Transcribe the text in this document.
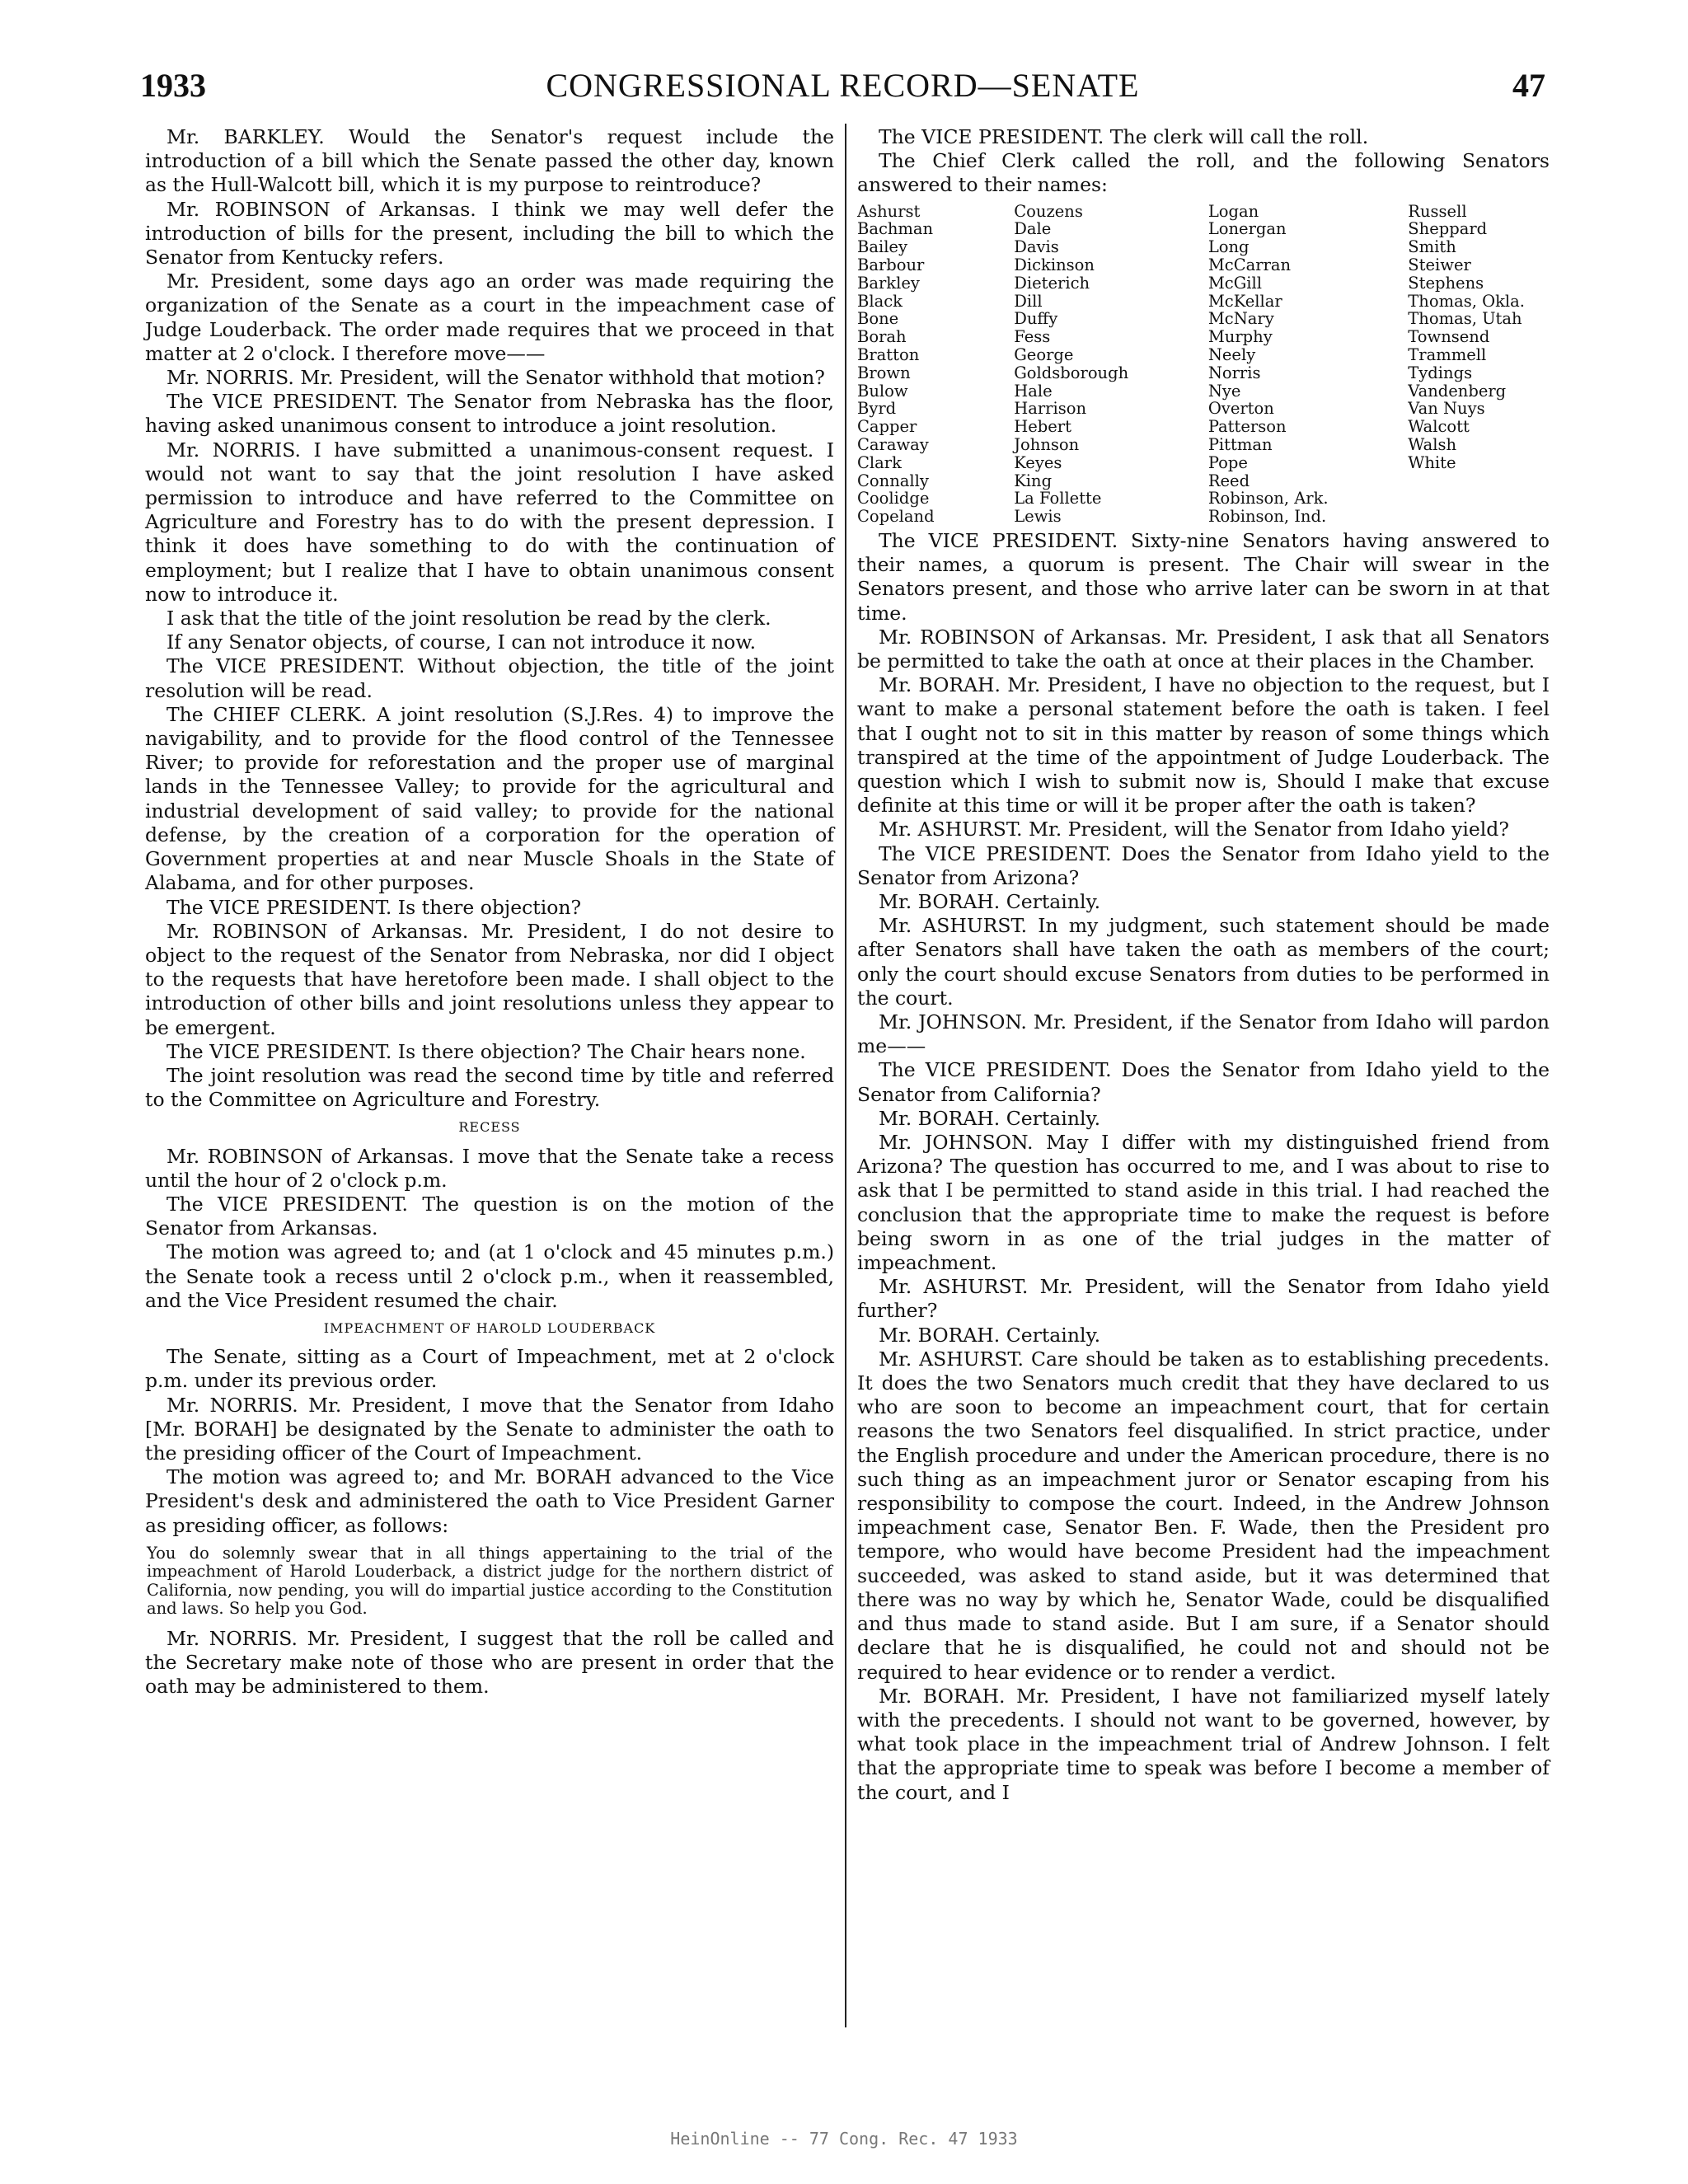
1933	CONGRESSIONAL RECORD—SENATE	47

Mr. BARKLEY. Would the Senator's request include the introduction of a bill which the Senate passed the other day, known as the Hull-Walcott bill, which it is my purpose to reintroduce?

Mr. ROBINSON of Arkansas. I think we may well defer the introduction of bills for the present, including the bill to which the Senator from Kentucky refers.

Mr. President, some days ago an order was made requiring the organization of the Senate as a court in the impeachment case of Judge Louderback. The order made requires that we proceed in that matter at 2 o'clock. I therefore move——

Mr. NORRIS. Mr. President, will the Senator withhold that motion?

The VICE PRESIDENT. The Senator from Nebraska has the floor, having asked unanimous consent to introduce a joint resolution.

Mr. NORRIS. I have submitted a unanimous-consent request. I would not want to say that the joint resolution I have asked permission to introduce and have referred to the Committee on Agriculture and Forestry has to do with the present depression. I think it does have something to do with the continuation of employment; but I realize that I have to obtain unanimous consent now to introduce it.

I ask that the title of the joint resolution be read by the clerk.

If any Senator objects, of course, I can not introduce it now.

The VICE PRESIDENT. Without objection, the title of the joint resolution will be read.

The CHIEF CLERK. A joint resolution (S.J.Res. 4) to improve the navigability, and to provide for the flood control of the Tennessee River; to provide for reforestation and the proper use of marginal lands in the Tennessee Valley; to provide for the agricultural and industrial development of said valley; to provide for the national defense, by the creation of a corporation for the operation of Government properties at and near Muscle Shoals in the State of Alabama, and for other purposes.

The VICE PRESIDENT. Is there objection?

Mr. ROBINSON of Arkansas. Mr. President, I do not desire to object to the request of the Senator from Nebraska, nor did I object to the requests that have heretofore been made. I shall object to the introduction of other bills and joint resolutions unless they appear to be emergent.

The VICE PRESIDENT. Is there objection? The Chair hears none.

The joint resolution was read the second time by title and referred to the Committee on Agriculture and Forestry.

RECESS

Mr. ROBINSON of Arkansas. I move that the Senate take a recess until the hour of 2 o'clock p.m.

The VICE PRESIDENT. The question is on the motion of the Senator from Arkansas.

The motion was agreed to; and (at 1 o'clock and 45 minutes p.m.) the Senate took a recess until 2 o'clock p.m., when it reassembled, and the Vice President resumed the chair.

IMPEACHMENT OF HAROLD LOUDERBACK

The Senate, sitting as a Court of Impeachment, met at 2 o'clock p.m. under its previous order.

Mr. NORRIS. Mr. President, I move that the Senator from Idaho [Mr. BORAH] be designated by the Senate to administer the oath to the presiding officer of the Court of Impeachment.

The motion was agreed to; and Mr. BORAH advanced to the Vice President's desk and administered the oath to Vice President Garner as presiding officer, as follows:

You do solemnly swear that in all things appertaining to the trial of the impeachment of Harold Louderback, a district judge for the northern district of California, now pending, you will do impartial justice according to the Constitution and laws. So help you God.

Mr. NORRIS. Mr. President, I suggest that the roll be called and the Secretary make note of those who are present in order that the oath may be administered to them.

The VICE PRESIDENT. The clerk will call the roll.

The Chief Clerk called the roll, and the following Senators answered to their names:

Ashurst
Bachman
Bailey
Barbour
Barkley
Black
Bone
Borah
Bratton
Brown
Bulow
Byrd
Capper
Caraway
Clark
Connally
Coolidge
Copeland
Couzens
Dale
Davis
Dickinson
Dieterich
Dill
Duffy
Fess
George
Goldsborough
Hale
Harrison
Hebert
Johnson
Keyes
King
La Follette
Lewis
Logan
Lonergan
Long
McCarran
McGill
McKellar
McNary
Murphy
Neely
Norris
Nye
Overton
Patterson
Pittman
Pope
Reed
Robinson, Ark.
Robinson, Ind.
Russell
Sheppard
Smith
Steiwer
Stephens
Thomas, Okla.
Thomas, Utah
Townsend
Trammell
Tydings
Vandenberg
Van Nuys
Walcott
Walsh
White

The VICE PRESIDENT. Sixty-nine Senators having answered to their names, a quorum is present. The Chair will swear in the Senators present, and those who arrive later can be sworn in at that time.

Mr. ROBINSON of Arkansas. Mr. President, I ask that all Senators be permitted to take the oath at once at their places in the Chamber.

Mr. BORAH. Mr. President, I have no objection to the request, but I want to make a personal statement before the oath is taken. I feel that I ought not to sit in this matter by reason of some things which transpired at the time of the appointment of Judge Louderback. The question which I wish to submit now is, Should I make that excuse definite at this time or will it be proper after the oath is taken?

Mr. ASHURST. Mr. President, will the Senator from Idaho yield?

The VICE PRESIDENT. Does the Senator from Idaho yield to the Senator from Arizona?

Mr. BORAH. Certainly.

Mr. ASHURST. In my judgment, such statement should be made after Senators shall have taken the oath as members of the court; only the court should excuse Senators from duties to be performed in the court.

Mr. JOHNSON. Mr. President, if the Senator from Idaho will pardon me——

The VICE PRESIDENT. Does the Senator from Idaho yield to the Senator from California?

Mr. BORAH. Certainly.

Mr. JOHNSON. May I differ with my distinguished friend from Arizona? The question has occurred to me, and I was about to rise to ask that I be permitted to stand aside in this trial. I had reached the conclusion that the appropriate time to make the request is before being sworn in as one of the trial judges in the matter of impeachment.

Mr. ASHURST. Mr. President, will the Senator from Idaho yield further?

Mr. BORAH. Certainly.

Mr. ASHURST. Care should be taken as to establishing precedents. It does the two Senators much credit that they have declared to us who are soon to become an impeachment court, that for certain reasons the two Senators feel disqualified. In strict practice, under the English procedure and under the American procedure, there is no such thing as an impeachment juror or Senator escaping from his responsibility to compose the court. Indeed, in the Andrew Johnson impeachment case, Senator Ben. F. Wade, then the President pro tempore, who would have become President had the impeachment succeeded, was asked to stand aside, but it was determined that there was no way by which he, Senator Wade, could be disqualified and thus made to stand aside. But I am sure, if a Senator should declare that he is disqualified, he could not and should not be required to hear evidence or to render a verdict.

Mr. BORAH. Mr. President, I have not familiarized myself lately with the precedents. I should not want to be governed, however, by what took place in the impeachment trial of Andrew Johnson. I felt that the appropriate time to speak was before I become a member of the court, and I

HeinOnline -- 77 Cong. Rec. 47 1933
